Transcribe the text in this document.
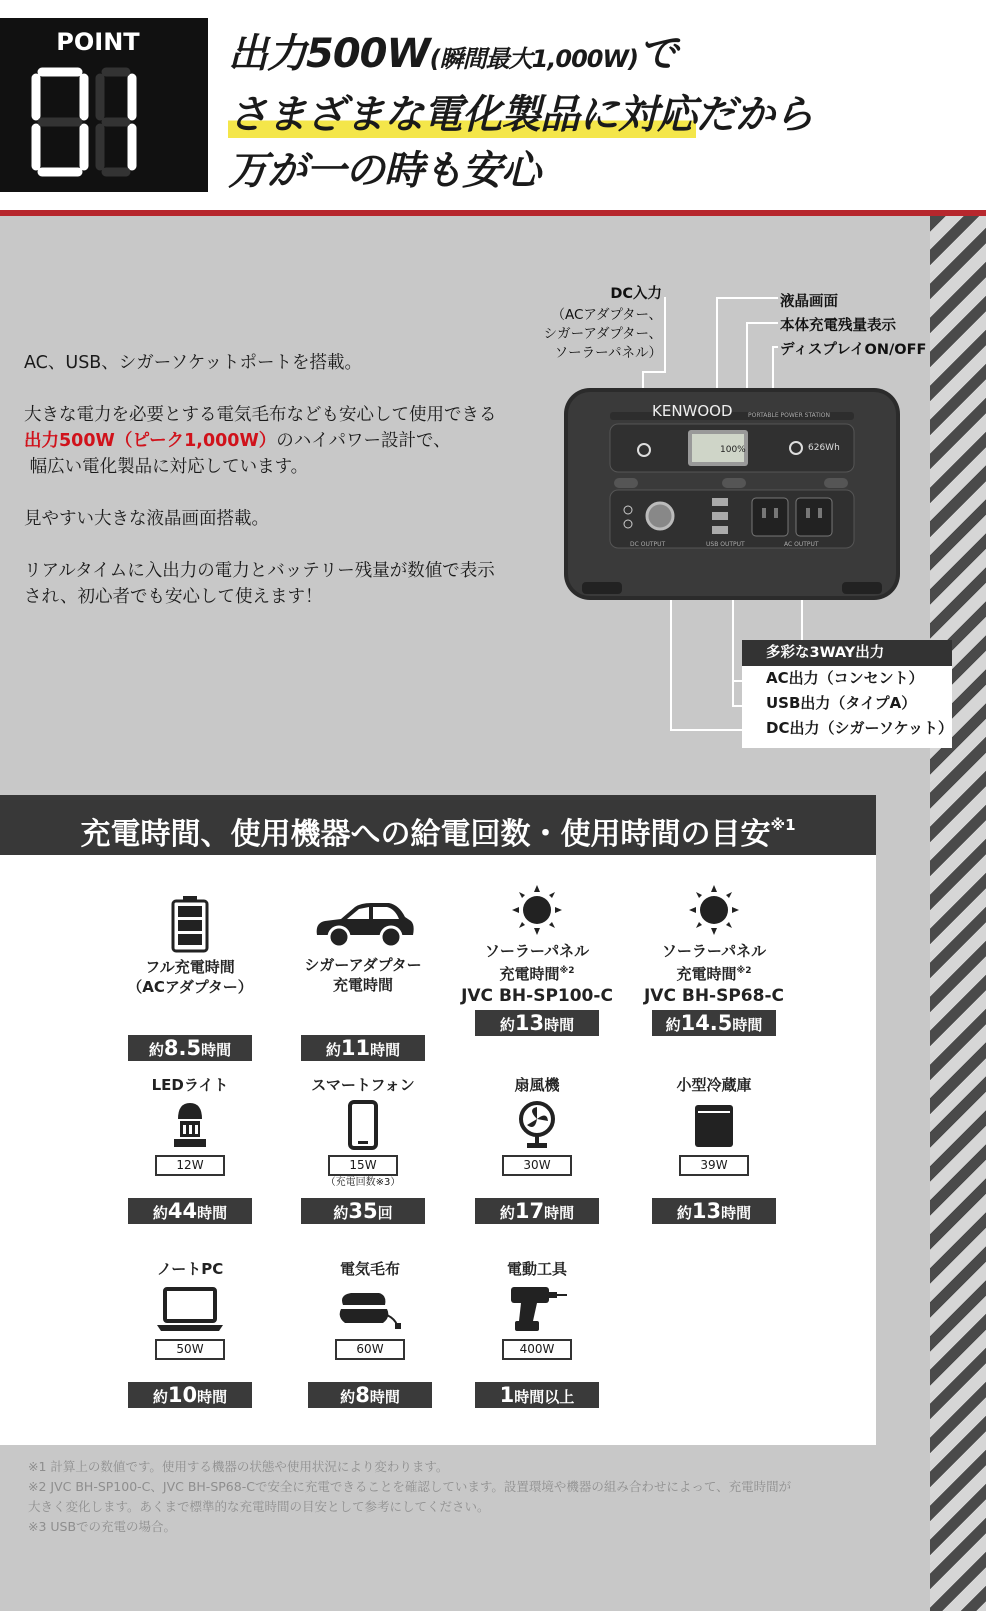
POINT	出力500W(瞬間最大1,000W)で
さまざまな電化製品に対応だから
万が一の時も安心

AC、USB、シガーソケットポートを搭載。

大きな電力を必要とする電気毛布なども安心して使用できる
出力500W（ピーク1,000W）のハイパワー設計で、
幅広い電化製品に対応しています。

見やすい大きな液晶画面搭載。

リアルタイムに入出力の電力とバッテリー残量が数値で表示
され、初心者でも安心して使えます！

DC入力
（ACアダプター、
シガーアダプター、
ソーラーパネル）
液晶画面
本体充電残量表示
ディスプレイON/OFF
KENWOOD	PORTABLE POWER STATION
100%	626Wh
DC OUTPUT	USB OUTPUT	AC OUTPUT
多彩な3WAY出力
AC出力（コンセント）
USB出力（タイプA）
DC出力（シガーソケット）
充電時間、使用機器への給電回数・使用時間の目安$^{※1}$
フル充電時間
（ACアダプター）
約8.5時間
シガーアダプター
充電時間
約11時間
ソーラーパネル
充電時間$^{※2}$
JVC BH-SP100-C
約13時間
ソーラーパネル
充電時間$^{※2}$
JVC BH-SP68-C
約14.5時間
LEDライト
12W
約44時間
スマートフォン
15W
（充電回数※3）
約35回
扇風機
30W
約17時間
小型冷蔵庫
39W
約13時間
ノートPC
50W
約10時間
電気毛布
60W
約8時間
電動工具
400W
1時間以上
※1 計算上の数値です。使用する機器の状態や使用状況により変わります。
※2 JVC BH-SP100-C、JVC BH-SP68-Cで安全に充電できることを確認しています。設置環境や機器の組み合わせによって、充電時間が
大きく変化します。あくまで標準的な充電時間の目安として参考にしてください。
※3 USBでの充電の場合。
